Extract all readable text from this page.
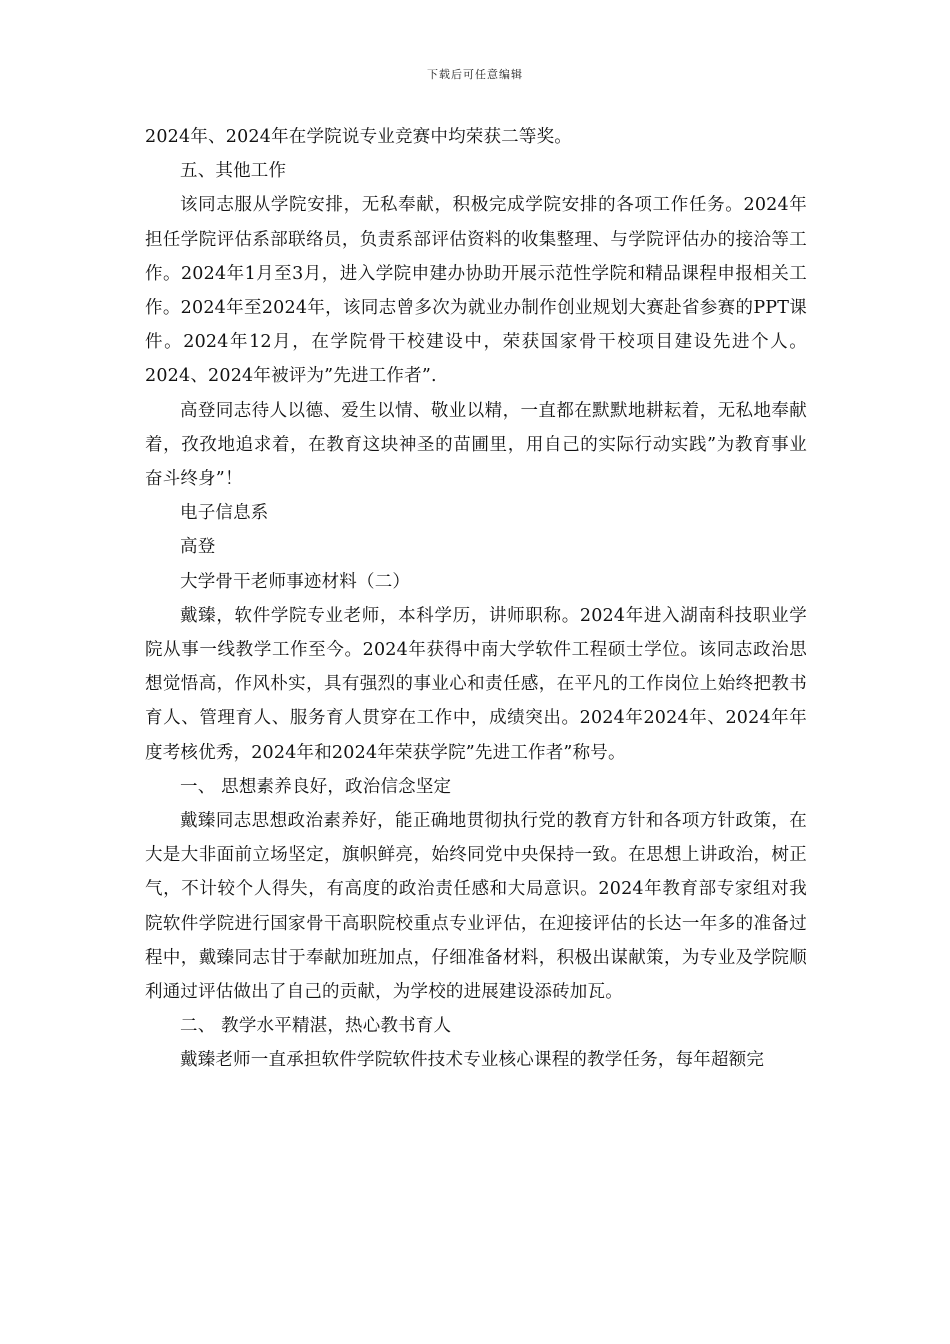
下载后可任意编辑

2024年、2024年在学院说专业竞赛中均荣获二等奖。

五、其他工作

该同志服从学院安排，无私奉献，积极完成学院安排的各项工作任务。2024年担任学院评估系部联络员，负责系部评估资料的收集整理、与学院评估办的接洽等工作。2024年1月至3月，进入学院申建办协助开展示范性学院和精品课程申报相关工作。2024年至2024年，该同志曾多次为就业办制作创业规划大赛赴省参赛的PPT课件。2024年12月，在学院骨干校建设中，荣获国家骨干校项目建设先进个人。2024、2024年被评为”先进工作者”.

高登同志待人以德、爱生以情、敬业以精，一直都在默默地耕耘着，无私地奉献着，孜孜地追求着，在教育这块神圣的苗圃里，用自己的实际行动实践”为教育事业奋斗终身”！

电子信息系

高登

大学骨干老师事迹材料（二）

戴臻，软件学院专业老师，本科学历，讲师职称。2024年进入湖南科技职业学院从事一线教学工作至今。2024年获得中南大学软件工程硕士学位。该同志政治思想觉悟高，作风朴实，具有强烈的事业心和责任感，在平凡的工作岗位上始终把教书育人、管理育人、服务育人贯穿在工作中，成绩突出。2024年2024年、2024年年度考核优秀，2024年和2024年荣获学院”先进工作者”称号。

一、 思想素养良好，政治信念坚定

戴臻同志思想政治素养好，能正确地贯彻执行党的教育方针和各项方针政策，在大是大非面前立场坚定，旗帜鲜亮，始终同党中央保持一致。在思想上讲政治，树正气，不计较个人得失，有高度的政治责任感和大局意识。2024年教育部专家组对我院软件学院进行国家骨干高职院校重点专业评估，在迎接评估的长达一年多的准备过程中，戴臻同志甘于奉献加班加点，仔细准备材料，积极出谋献策，为专业及学院顺利通过评估做出了自己的贡献，为学校的进展建设添砖加瓦。

二、 教学水平精湛，热心教书育人

戴臻老师一直承担软件学院软件技术专业核心课程的教学任务，每年超额完
